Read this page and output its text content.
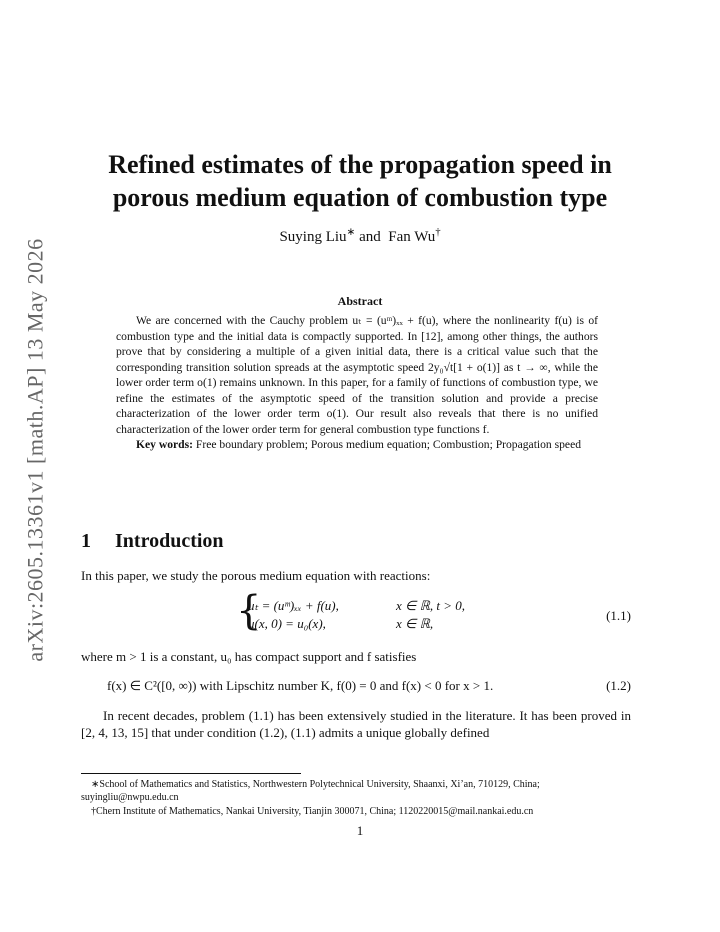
arXiv:2605.13361v1 [math.AP] 13 May 2026
Refined estimates of the propagation speed in
porous medium equation of combustion type
Suying Liu∗ and Fan Wu†
Abstract

We are concerned with the Cauchy problem uₜ = (uᵐ)ₓₓ + f(u), where the nonlinearity f(u) is of combustion type and the initial data is compactly supported. In [12], among other things, the authors prove that by considering a multiple of a given initial data, there is a critical value such that the corresponding transition solution spreads at the asymptotic speed 2y₀√t[1 + o(1)] as t → ∞, while the lower order term o(1) remains unknown. In this paper, for a family of functions of combustion type, we refine the estimates of the asymptotic speed of the transition solution and provide a precise characterization of the lower order term o(1). Our result also reveals that there is no unified characterization of the lower order term for general combustion type functions f.

Key words: Free boundary problem; Porous medium equation; Combustion; Propagation speed

1 Introduction
In this paper, we study the porous medium equation with reactions:
{
uₜ = (uᵐ)ₓₓ + f(u),
u(x, 0) = u₀(x),
x ∈ ℝ, t > 0,
x ∈ ℝ,
(1.1)
where m > 1 is a constant, u₀ has compact support and f satisfies
f(x) ∈ C²([0, ∞)) with Lipschitz number K, f(0) = 0 and f(x) < 0 for x > 1.	(1.2)
In recent decades, problem (1.1) has been extensively studied in the literature. It has been proved in [2, 4, 13, 15] that under condition (1.2), (1.1) admits a unique globally defined

∗School of Mathematics and Statistics, Northwestern Polytechnical University, Shaanxi, Xi’an, 710129, China; suyingliu@nwpu.edu.cn

†Chern Institute of Mathematics, Nankai University, Tianjin 300071, China; 1120220015@mail.nankai.edu.cn

1
